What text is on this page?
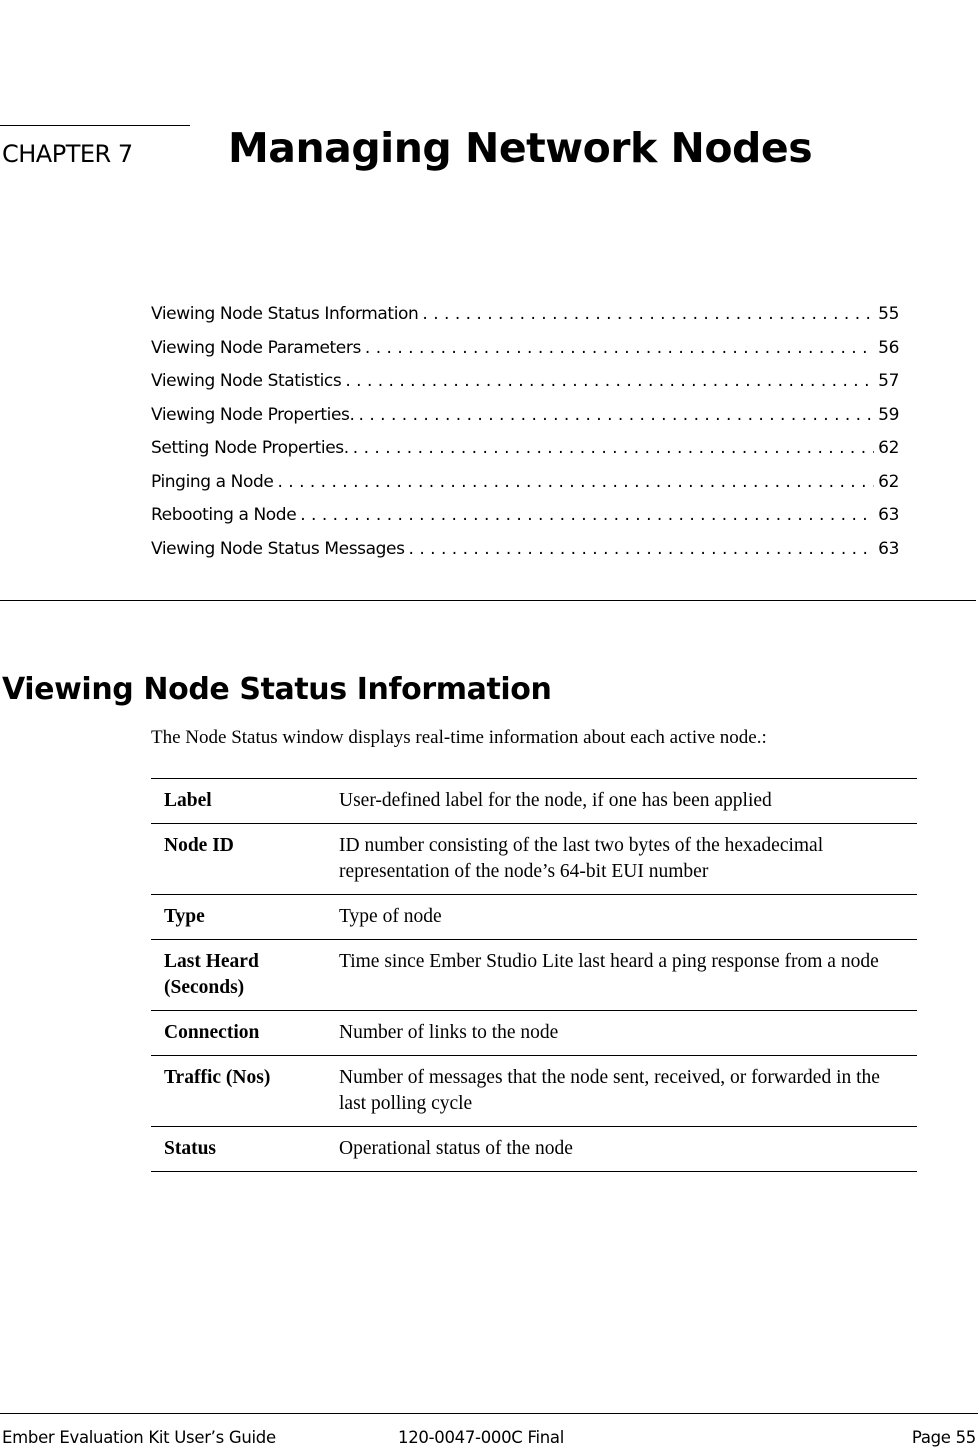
CHAPTER 7 Managing Network Nodes
Viewing Node Status Information . . .	55
Viewing Node Parameters . . .	56
Viewing Node Statistics . . .	57
Viewing Node Properties. . . .	59
Setting Node Properties. . . .	62
Pinging a Node . . .	62
Rebooting a Node . . .	63
Viewing Node Status Messages . . .	63
Viewing Node Status Information

The Node Status window displays real-time information about each active node.:

Label	User-defined label for the node, if one has been applied
Node ID	ID number consisting of the last two bytes of the hexadecimal representation of the node’s 64-bit EUI number
Type	Type of node
Last Heard (Seconds)	Time since Ember Studio Lite last heard a ping response from a node
Connection	Number of links to the node
Traffic (Nos)	Number of messages that the node sent, received, or forwarded in the last polling cycle
Status	Operational status of the node
Ember Evaluation Kit User’s Guide	120-0047-000C Final	Page 55
